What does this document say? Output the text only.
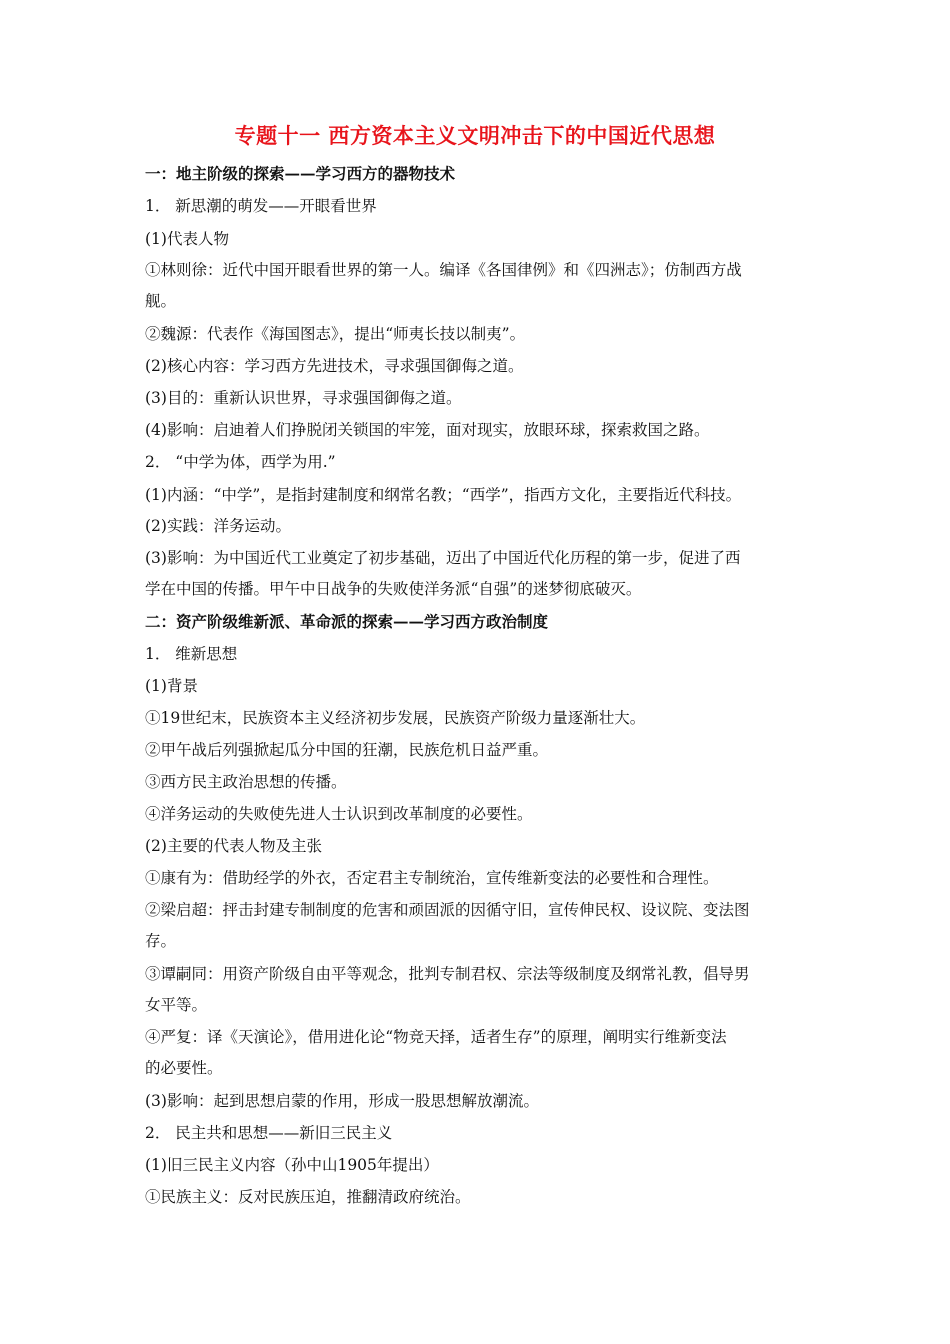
专题十一 西方资本主义文明冲击下的中国近代思想
一：地主阶级的探索——学习西方的器物技术
1． 新思潮的萌发——开眼看世界
(1)代表人物
①林则徐：近代中国开眼看世界的第一人。编译《各国律例》和《四洲志》；仿制西方战
舰。
②魏源：代表作《海国图志》，提出“师夷长技以制夷”。
(2)核心内容：学习西方先进技术，寻求强国御侮之道。
(3)目的：重新认识世界，寻求强国御侮之道。
(4)影响：启迪着人们挣脱闭关锁国的牢笼，面对现实，放眼环球，探索救国之路。
2． “中学为体，西学为用.”
(1)内涵：“中学”，是指封建制度和纲常名教；“西学”，指西方文化，主要指近代科技。
(2)实践：洋务运动。
(3)影响：为中国近代工业奠定了初步基础，迈出了中国近代化历程的第一步，促进了西
学在中国的传播。甲午中日战争的失败使洋务派“自强”的迷梦彻底破灭。
二：资产阶级维新派、革命派的探索——学习西方政治制度
1． 维新思想
(1)背景
①19世纪末，民族资本主义经济初步发展，民族资产阶级力量逐渐壮大。
②甲午战后列强掀起瓜分中国的狂潮，民族危机日益严重。
③西方民主政治思想的传播。
④洋务运动的失败使先进人士认识到改革制度的必要性。
(2)主要的代表人物及主张
①康有为：借助经学的外衣，否定君主专制统治，宣传维新变法的必要性和合理性。
②梁启超：抨击封建专制制度的危害和顽固派的因循守旧，宣传伸民权、设议院、变法图
存。
③谭嗣同：用资产阶级自由平等观念，批判专制君权、宗法等级制度及纲常礼教，倡导男
女平等。
④严复：译《天演论》，借用进化论“物竞天择，适者生存”的原理，阐明实行维新变法
的必要性。
(3)影响：起到思想启蒙的作用，形成一股思想解放潮流。
2． 民主共和思想——新旧三民主义
(1)旧三民主义内容（孙中山1905年提出）
①民族主义：反对民族压迫，推翻清政府统治。
